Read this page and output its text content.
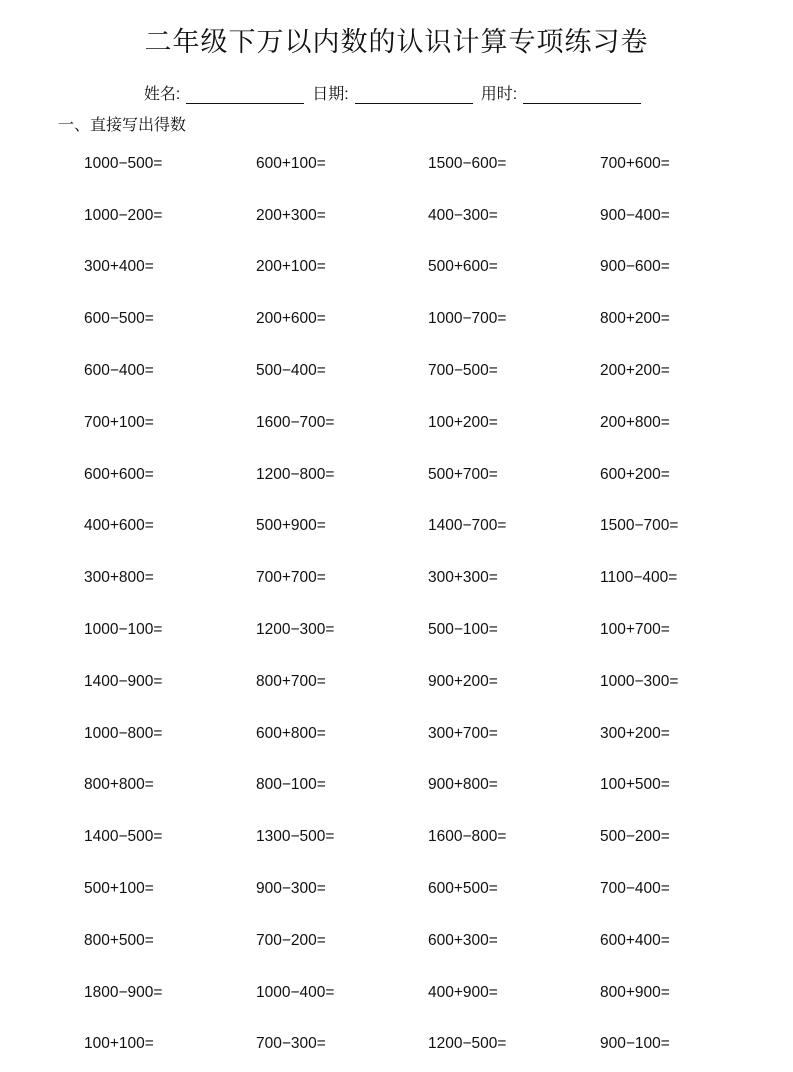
二年级下万以内数的认识计算专项练习卷
姓名:	日期:	用时:
一、直接写出得数
1000−500=	600+100=	1500−600=	700+600=
1000−200=	200+300=	400−300=	900−400=
300+400=	200+100=	500+600=	900−600=
600−500=	200+600=	1000−700=	800+200=
600−400=	500−400=	700−500=	200+200=
700+100=	1600−700=	100+200=	200+800=
600+600=	1200−800=	500+700=	600+200=
400+600=	500+900=	1400−700=	1500−700=
300+800=	700+700=	300+300=	1100−400=
1000−100=	1200−300=	500−100=	100+700=
1400−900=	800+700=	900+200=	1000−300=
1000−800=	600+800=	300+700=	300+200=
800+800=	800−100=	900+800=	100+500=
1400−500=	1300−500=	1600−800=	500−200=
500+100=	900−300=	600+500=	700−400=
800+500=	700−200=	600+300=	600+400=
1800−900=	1000−400=	400+900=	800+900=
100+100=	700−300=	1200−500=	900−100=
